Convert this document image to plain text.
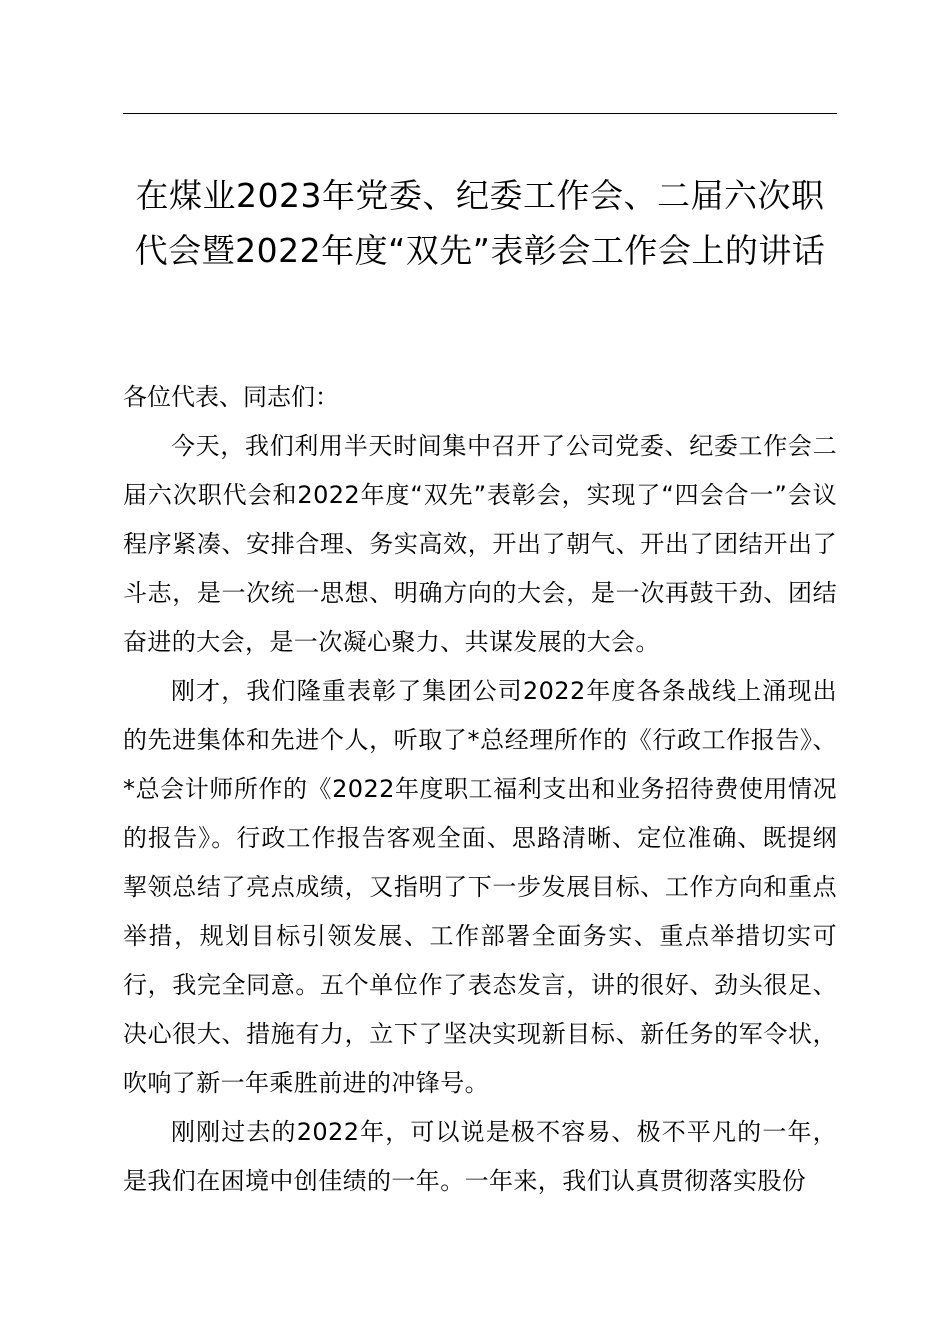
在煤业2023年党委、纪委工作会、二届六次职代会暨2022年度“双先”表彰会工作会上的讲话

各位代表、同志们：

今天，我们利用半天时间集中召开了公司党委、纪委工作会二届六次职代会和2022年度“双先”表彰会，实现了“四会合一”会议程序紧凑、安排合理、务实高效，开出了朝气、开出了团结开出了斗志，是一次统一思想、明确方向的大会，是一次再鼓干劲、团结奋进的大会，是一次凝心聚力、共谋发展的大会。

刚才，我们隆重表彰了集团公司2022年度各条战线上涌现出的先进集体和先进个人，听取了*总经理所作的《行政工作报告》、*总会计师所作的《2022年度职工福利支出和业务招待费使用情况的报告》。行政工作报告客观全面、思路清晰、定位准确、既提纲挈领总结了亮点成绩，又指明了下一步发展目标、工作方向和重点举措，规划目标引领发展、工作部署全面务实、重点举措切实可行，我完全同意。五个单位作了表态发言，讲的很好、劲头很足、决心很大、措施有力，立下了坚决实现新目标、新任务的军令状，吹响了新一年乘胜前进的冲锋号。

刚刚过去的2022年，可以说是极不容易、极不平凡的一年，是我们在困境中创佳绩的一年。一年来，我们认真贯彻落实股份
